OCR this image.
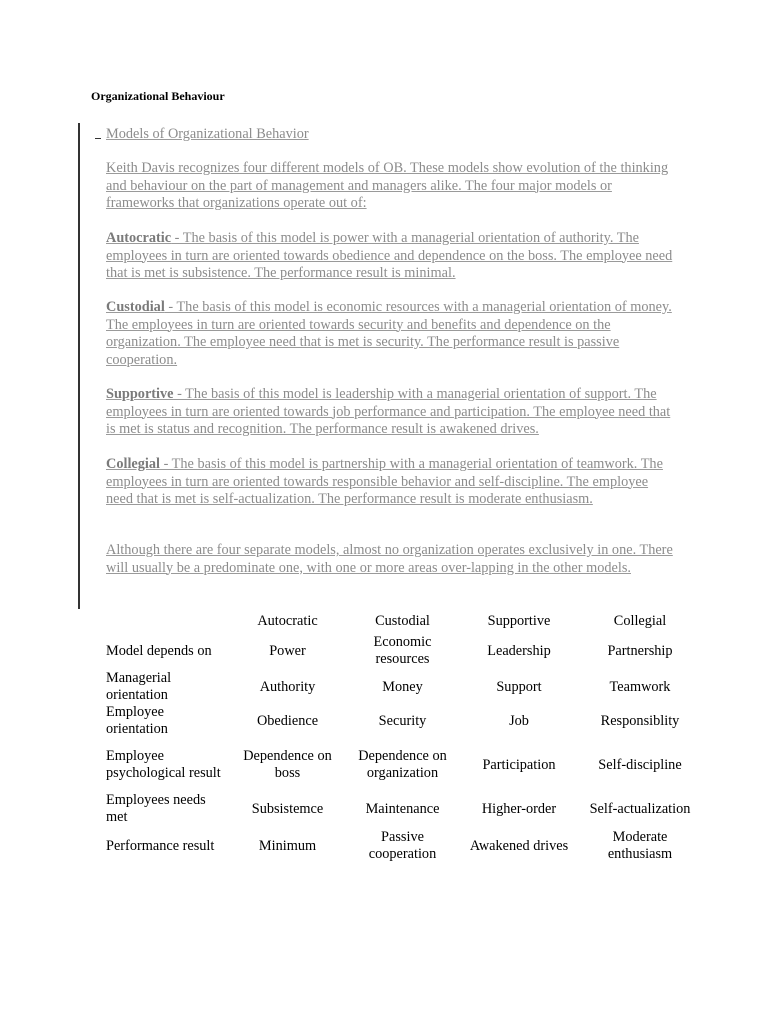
Organizational Behaviour

Models of Organizational Behavior

Keith Davis recognizes four different models of OB. These models show evolution of the thinking and behaviour on the part of management and managers alike. The four major models or frameworks that organizations operate out of:

Autocratic - The basis of this model is power with a managerial orientation of authority. The employees in turn are oriented towards obedience and dependence on the boss. The employee need that is met is subsistence. The performance result is minimal.

Custodial - The basis of this model is economic resources with a managerial orientation of money. The employees in turn are oriented towards security and benefits and dependence on the organization. The employee need that is met is security. The performance result is passive cooperation.

Supportive - The basis of this model is leadership with a managerial orientation of support. The employees in turn are oriented towards job performance and participation. The employee need that is met is status and recognition. The performance result is awakened drives.

Collegial - The basis of this model is partnership with a managerial orientation of teamwork. The employees in turn are oriented towards responsible behavior and self-discipline. The employee need that is met is self-actualization. The performance result is moderate enthusiasm.

Although there are four separate models, almost no organization operates exclusively in one. There will usually be a predominate one, with one or more areas over-lapping in the other models.

	Autocratic	Custodial	Supportive	Collegial
Model depends on	Power	Economic resources	Leadership	Partnership
Managerial orientation	Authority	Money	Support	Teamwork
Employee orientation	Obedience	Security	Job	Responsiblity
Employee psychological result	Dependence on boss	Dependence on organization	Participation	Self-discipline
Employees needs met	Subsistemce	Maintenance	Higher-order	Self-actualization
Performance result	Minimum	Passive cooperation	Awakened drives	Moderate enthusiasm
